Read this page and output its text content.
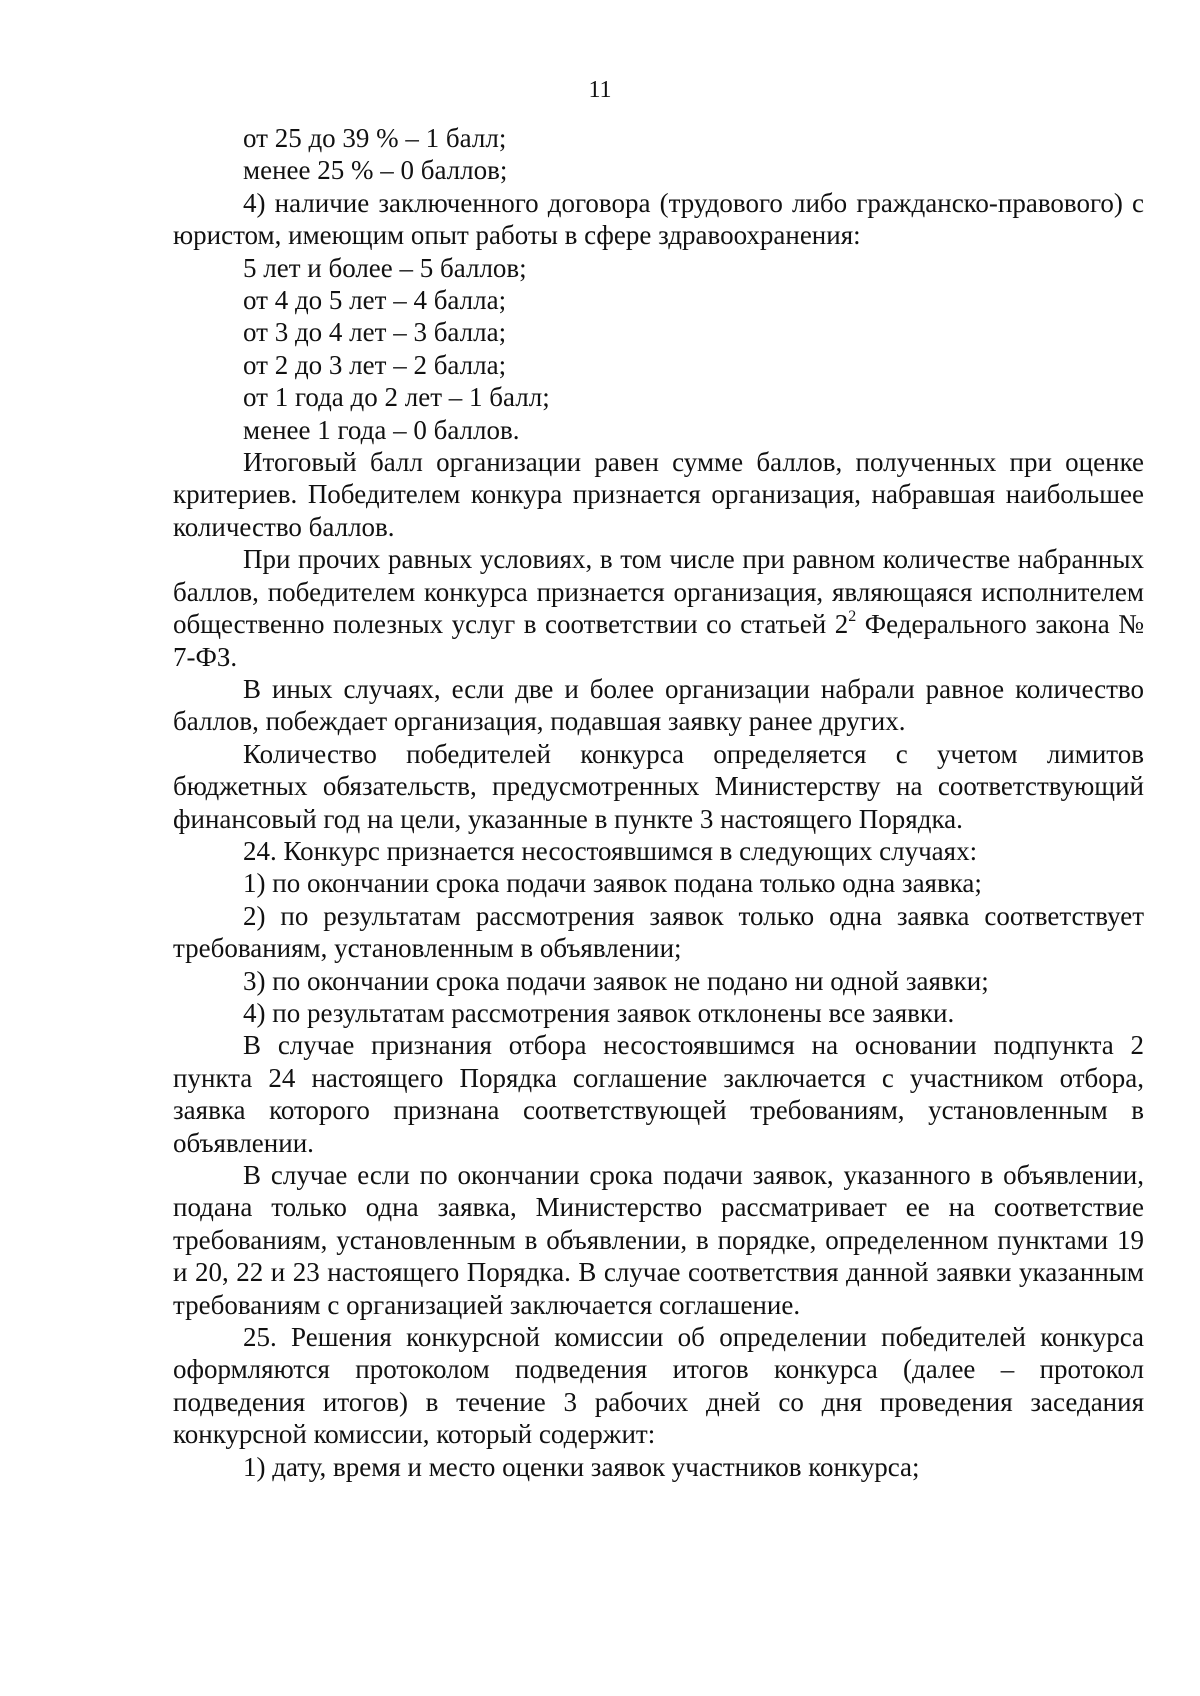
11

от 25 до 39 % – 1 балл;

менее 25 % – 0 баллов;

4) наличие заключенного договора (трудового либо гражданско-правового) с юристом, имеющим опыт работы в сфере здравоохранения:

5 лет и более – 5 баллов;

от 4 до 5 лет – 4 балла;

от 3 до 4 лет – 3 балла;

от 2 до 3 лет – 2 балла;

от 1 года до 2 лет – 1 балл;

менее 1 года – 0 баллов.

Итоговый балл организации равен сумме баллов, полученных при оценке критериев. Победителем конкура признается организация, набравшая наибольшее количество баллов.

При прочих равных условиях, в том числе при равном количестве набранных баллов, победителем конкурса признается организация, являющаяся исполнителем общественно полезных услуг в соответствии со статьей $2^2$ Федерального закона № 7-ФЗ.

В иных случаях, если две и более организации набрали равное количество баллов, побеждает организация, подавшая заявку ранее других.

Количество победителей конкурса определяется с учетом лимитов бюджетных обязательств, предусмотренных Министерству на соответствующий финансовый год на цели, указанные в пункте 3 настоящего Порядка.

24. Конкурс признается несостоявшимся в следующих случаях:

1) по окончании срока подачи заявок подана только одна заявка;

2) по результатам рассмотрения заявок только одна заявка соответствует требованиям, установленным в объявлении;

3) по окончании срока подачи заявок не подано ни одной заявки;

4) по результатам рассмотрения заявок отклонены все заявки.

В случае признания отбора несостоявшимся на основании подпункта 2 пункта 24 настоящего Порядка соглашение заключается с участником отбора, заявка которого признана соответствующей требованиям, установленным в объявлении.

В случае если по окончании срока подачи заявок, указанного в объявлении, подана только одна заявка, Министерство рассматривает ее на соответствие требованиям, установленным в объявлении, в порядке, определенном пунктами 19 и 20, 22 и 23 настоящего Порядка. В случае соответствия данной заявки указанным требованиям с организацией заключается соглашение.

25. Решения конкурсной комиссии об определении победителей конкурса оформляются протоколом подведения итогов конкурса (далее – протокол подведения итогов) в течение 3 рабочих дней со дня проведения заседания конкурсной комиссии, который содержит:

1) дату, время и место оценки заявок участников конкурса;
